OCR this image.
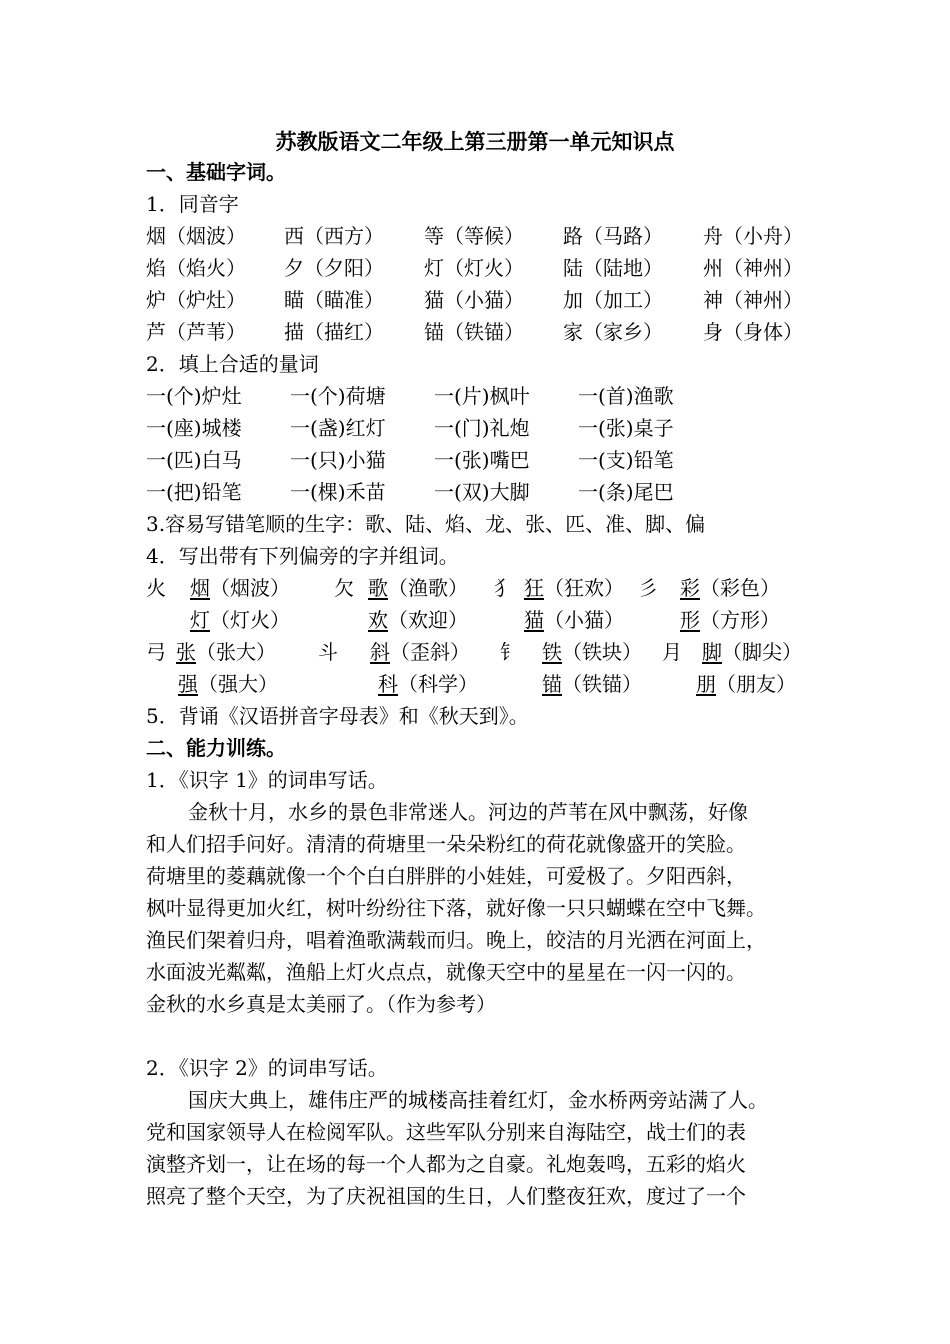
苏教版语文二年级上第三册第一单元知识点
一、基础字词。
1．同音字
烟（烟波） 西（西方） 等（等候） 路（马路） 舟（小舟）
焰（焰火） 夕（夕阳） 灯（灯火） 陆（陆地） 州（神州）
炉（炉灶） 瞄（瞄准） 猫（小猫） 加（加工） 神（神州）
芦（芦苇） 描（描红） 锚（铁锚） 家（家乡） 身（身体）
2．填上合适的量词
一(个)炉灶 一(个)荷塘 一(片)枫叶 一(首)渔歌
一(座)城楼 一(盏)红灯 一(门)礼炮 一(张)桌子
一(匹)白马 一(只)小猫 一(张)嘴巴 一(支)铅笔
一(把)铅笔 一(棵)禾苗 一(双)大脚 一(条)尾巴
3.容易写错笔顺的生字：歌、陆、焰、龙、张、匹、准、脚、偏
4．写出带有下列偏旁的字并组词。
火 烟（烟波） 欠 歌（渔歌） 犭 狂（狂欢） 彡 彩（彩色）
灯（灯火）	欢（欢迎）	猫（小猫）	形（方形）
弓 张（张大） 斗 斜（歪斜） 钅 铁（铁块） 月 脚（脚尖）
强（强大）	科（科学）	锚（铁锚）	朋（朋友）
5．背诵《汉语拼音字母表》和《秋天到》。
二、能力训练。
1．《识字 1》的词串写话。
金秋十月，水乡的景色非常迷人。河边的芦苇在风中飘荡，好像
和人们招手问好。清清的荷塘里一朵朵粉红的荷花就像盛开的笑脸。
荷塘里的菱藕就像一个个白白胖胖的小娃娃，可爱极了。夕阳西斜，
枫叶显得更加火红，树叶纷纷往下落，就好像一只只蝴蝶在空中飞舞。
渔民们架着归舟，唱着渔歌满载而归。晚上，皎洁的月光洒在河面上，
水面波光粼粼，渔船上灯火点点，就像天空中的星星在一闪一闪的。
金秋的水乡真是太美丽了。（作为参考）
2．《识字 2》的词串写话。
国庆大典上，雄伟庄严的城楼高挂着红灯，金水桥两旁站满了人。
党和国家领导人在检阅军队。这些军队分别来自海陆空，战士们的表
演整齐划一，让在场的每一个人都为之自豪。礼炮轰鸣，五彩的焰火
照亮了整个天空，为了庆祝祖国的生日，人们整夜狂欢，度过了一个
